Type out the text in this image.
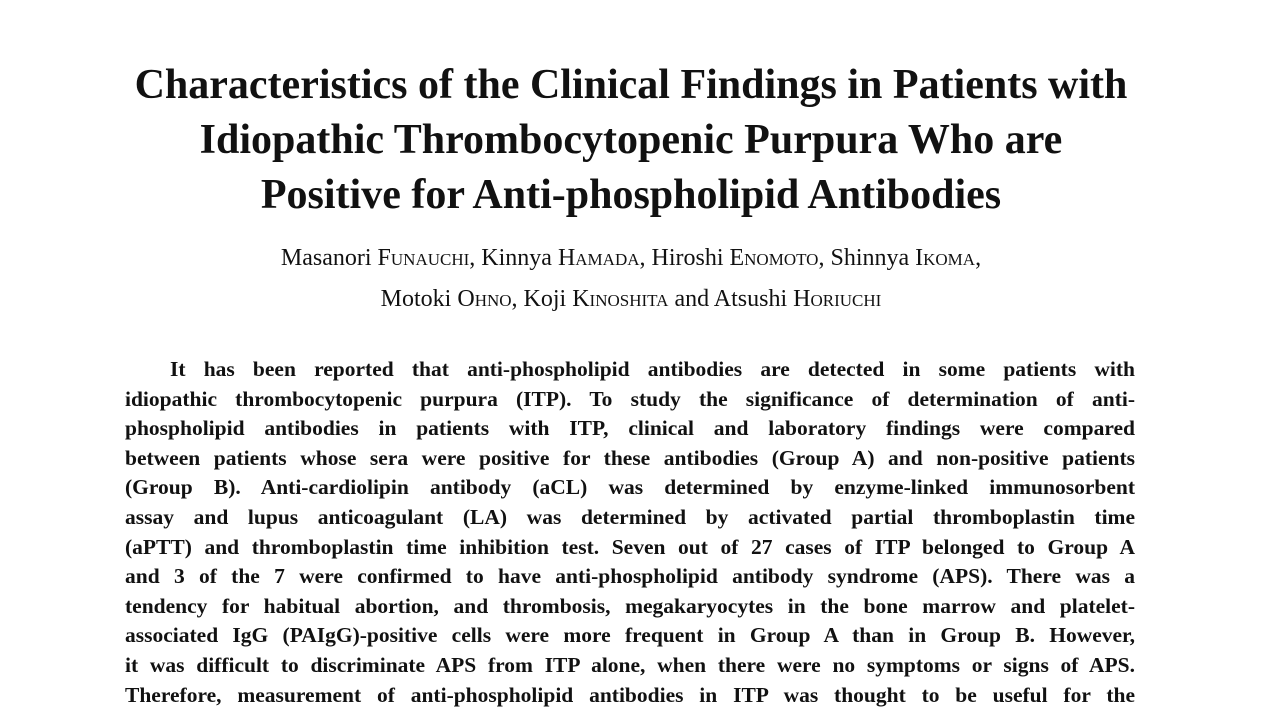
Characteristics of the Clinical Findings in Patients with
Idiopathic Thrombocytopenic Purpura Who are
Positive for Anti-phospholipid Antibodies
Masanori Funauchi, Kinnya Hamada, Hiroshi Enomoto, Shinnya Ikoma,
Motoki Ohno, Koji Kinoshita and Atsushi Horiuchi
It has been reported that anti-phospholipid antibodies are detected in some patients with
idiopathic thrombocytopenic purpura (ITP). To study the significance of determination of anti-
phospholipid antibodies in patients with ITP, clinical and laboratory findings were compared
between patients whose sera were positive for these antibodies (Group A) and non-positive patients
(Group B). Anti-cardiolipin antibody (aCL) was determined by enzyme-linked immunosorbent
assay and lupus anticoagulant (LA) was determined by activated partial thromboplastin time
(aPTT) and thromboplastin time inhibition test. Seven out of 27 cases of ITP belonged to Group A
and 3 of the 7 were confirmed to have anti-phospholipid antibody syndrome (APS). There was a
tendency for habitual abortion, and thrombosis, megakaryocytes in the bone marrow and platelet-
associated IgG (PAIgG)-positive cells were more frequent in Group A than in Group B. However,
it was difficult to discriminate APS from ITP alone, when there were no symptoms or signs of APS.
Therefore, measurement of anti-phospholipid antibodies in ITP was thought to be useful for the
